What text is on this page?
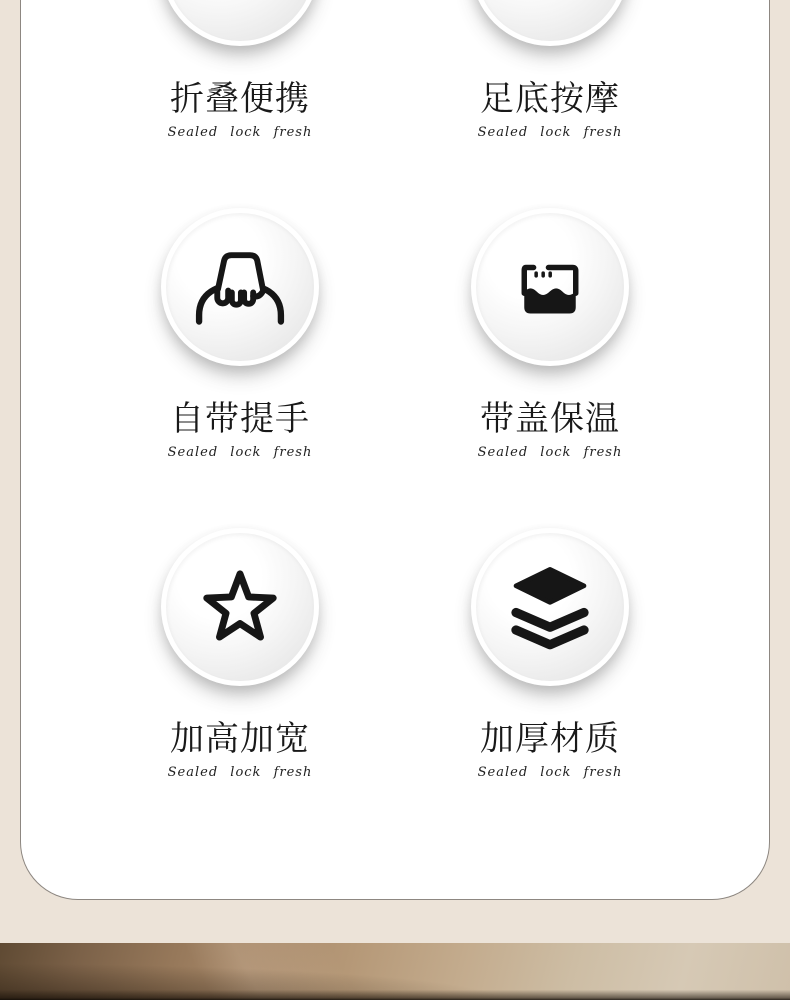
折叠便携
Sealed lock fresh
足底按摩
Sealed lock fresh
自带提手
Sealed lock fresh
带盖保温
Sealed lock fresh
加高加宽
Sealed lock fresh
加厚材质
Sealed lock fresh
